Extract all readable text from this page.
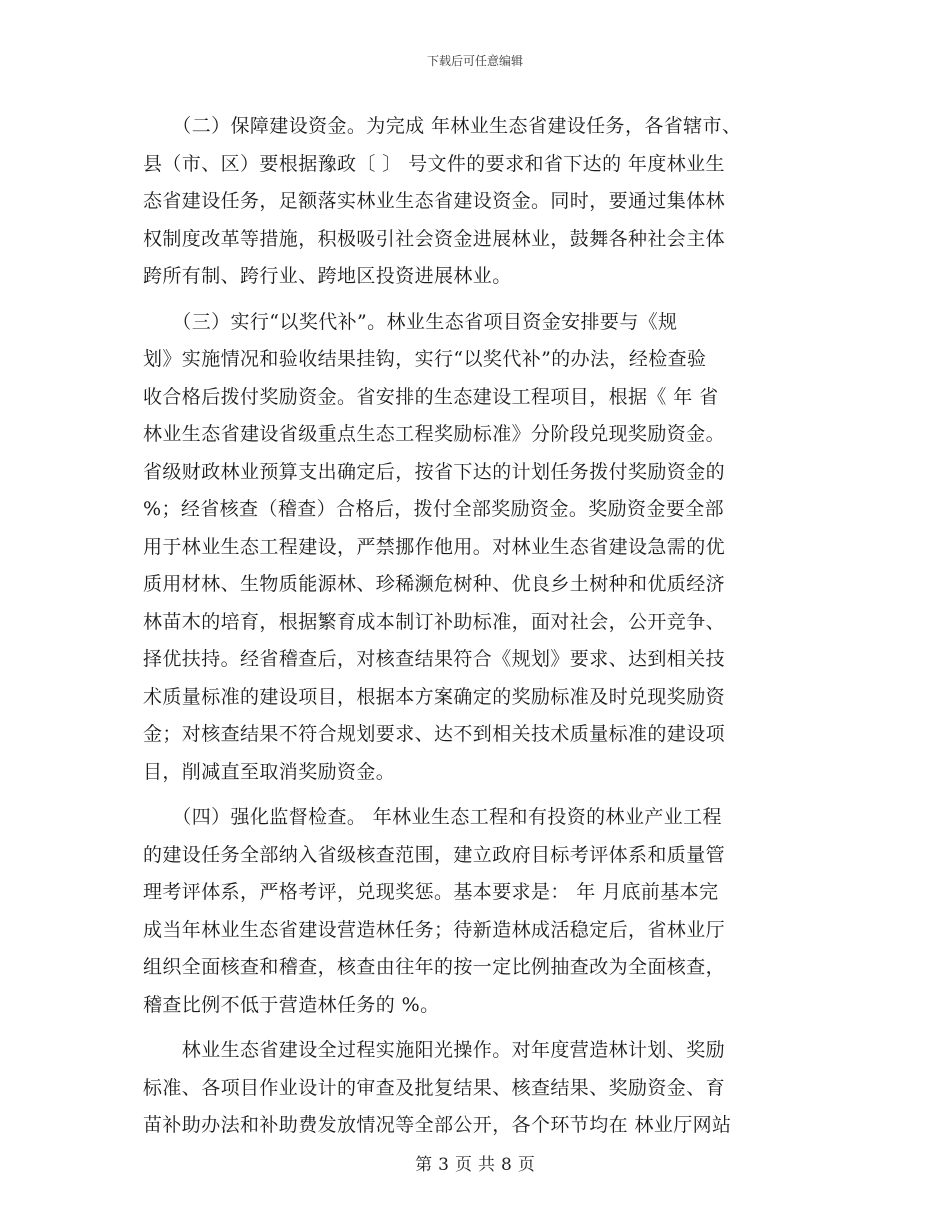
下载后可任意编辑
　　（二）保障建设资金。为完成 年林业生态省建设任务，各省辖市、
县（市、区）要根据豫政〔 〕 号文件的要求和省下达的 年度林业生
态省建设任务，足额落实林业生态省建设资金。同时，要通过集体林
权制度改革等措施，积极吸引社会资金进展林业，鼓舞各种社会主体
跨所有制、跨行业、跨地区投资进展林业。
　　（三）实行“以奖代补”。林业生态省项目资金安排要与《规
划》实施情况和验收结果挂钩，实行“以奖代补”的办法，经检查验
收合格后拨付奖励资金。省安排的生态建设工程项目，根据《 年 省
林业生态省建设省级重点生态工程奖励标准》分阶段兑现奖励资金。
省级财政林业预算支出确定后，按省下达的计划任务拨付奖励资金的
%；经省核查（稽查）合格后，拨付全部奖励资金。奖励资金要全部
用于林业生态工程建设，严禁挪作他用。对林业生态省建设急需的优
质用材林、生物质能源林、珍稀濒危树种、优良乡土树种和优质经济
林苗木的培育，根据繁育成本制订补助标准，面对社会，公开竞争、
择优扶持。经省稽查后，对核查结果符合《规划》要求、达到相关技
术质量标准的建设项目，根据本方案确定的奖励标准及时兑现奖励资
金；对核查结果不符合规划要求、达不到相关技术质量标准的建设项
目，削减直至取消奖励资金。
　　（四）强化监督检查。 年林业生态工程和有投资的林业产业工程
的建设任务全部纳入省级核查范围，建立政府目标考评体系和质量管
理考评体系，严格考评，兑现奖惩。基本要求是： 年 月底前基本完
成当年林业生态省建设营造林任务；待新造林成活稳定后，省林业厅
组织全面核查和稽查，核查由往年的按一定比例抽查改为全面核查，
稽查比例不低于营造林任务的 %。
　　林业生态省建设全过程实施阳光操作。对年度营造林计划、奖励
标准、各项目作业设计的审查及批复结果、核查结果、奖励资金、育
苗补助办法和补助费发放情况等全部公开，各个环节均在 林业厅网站
第 3 页 共 8 页
